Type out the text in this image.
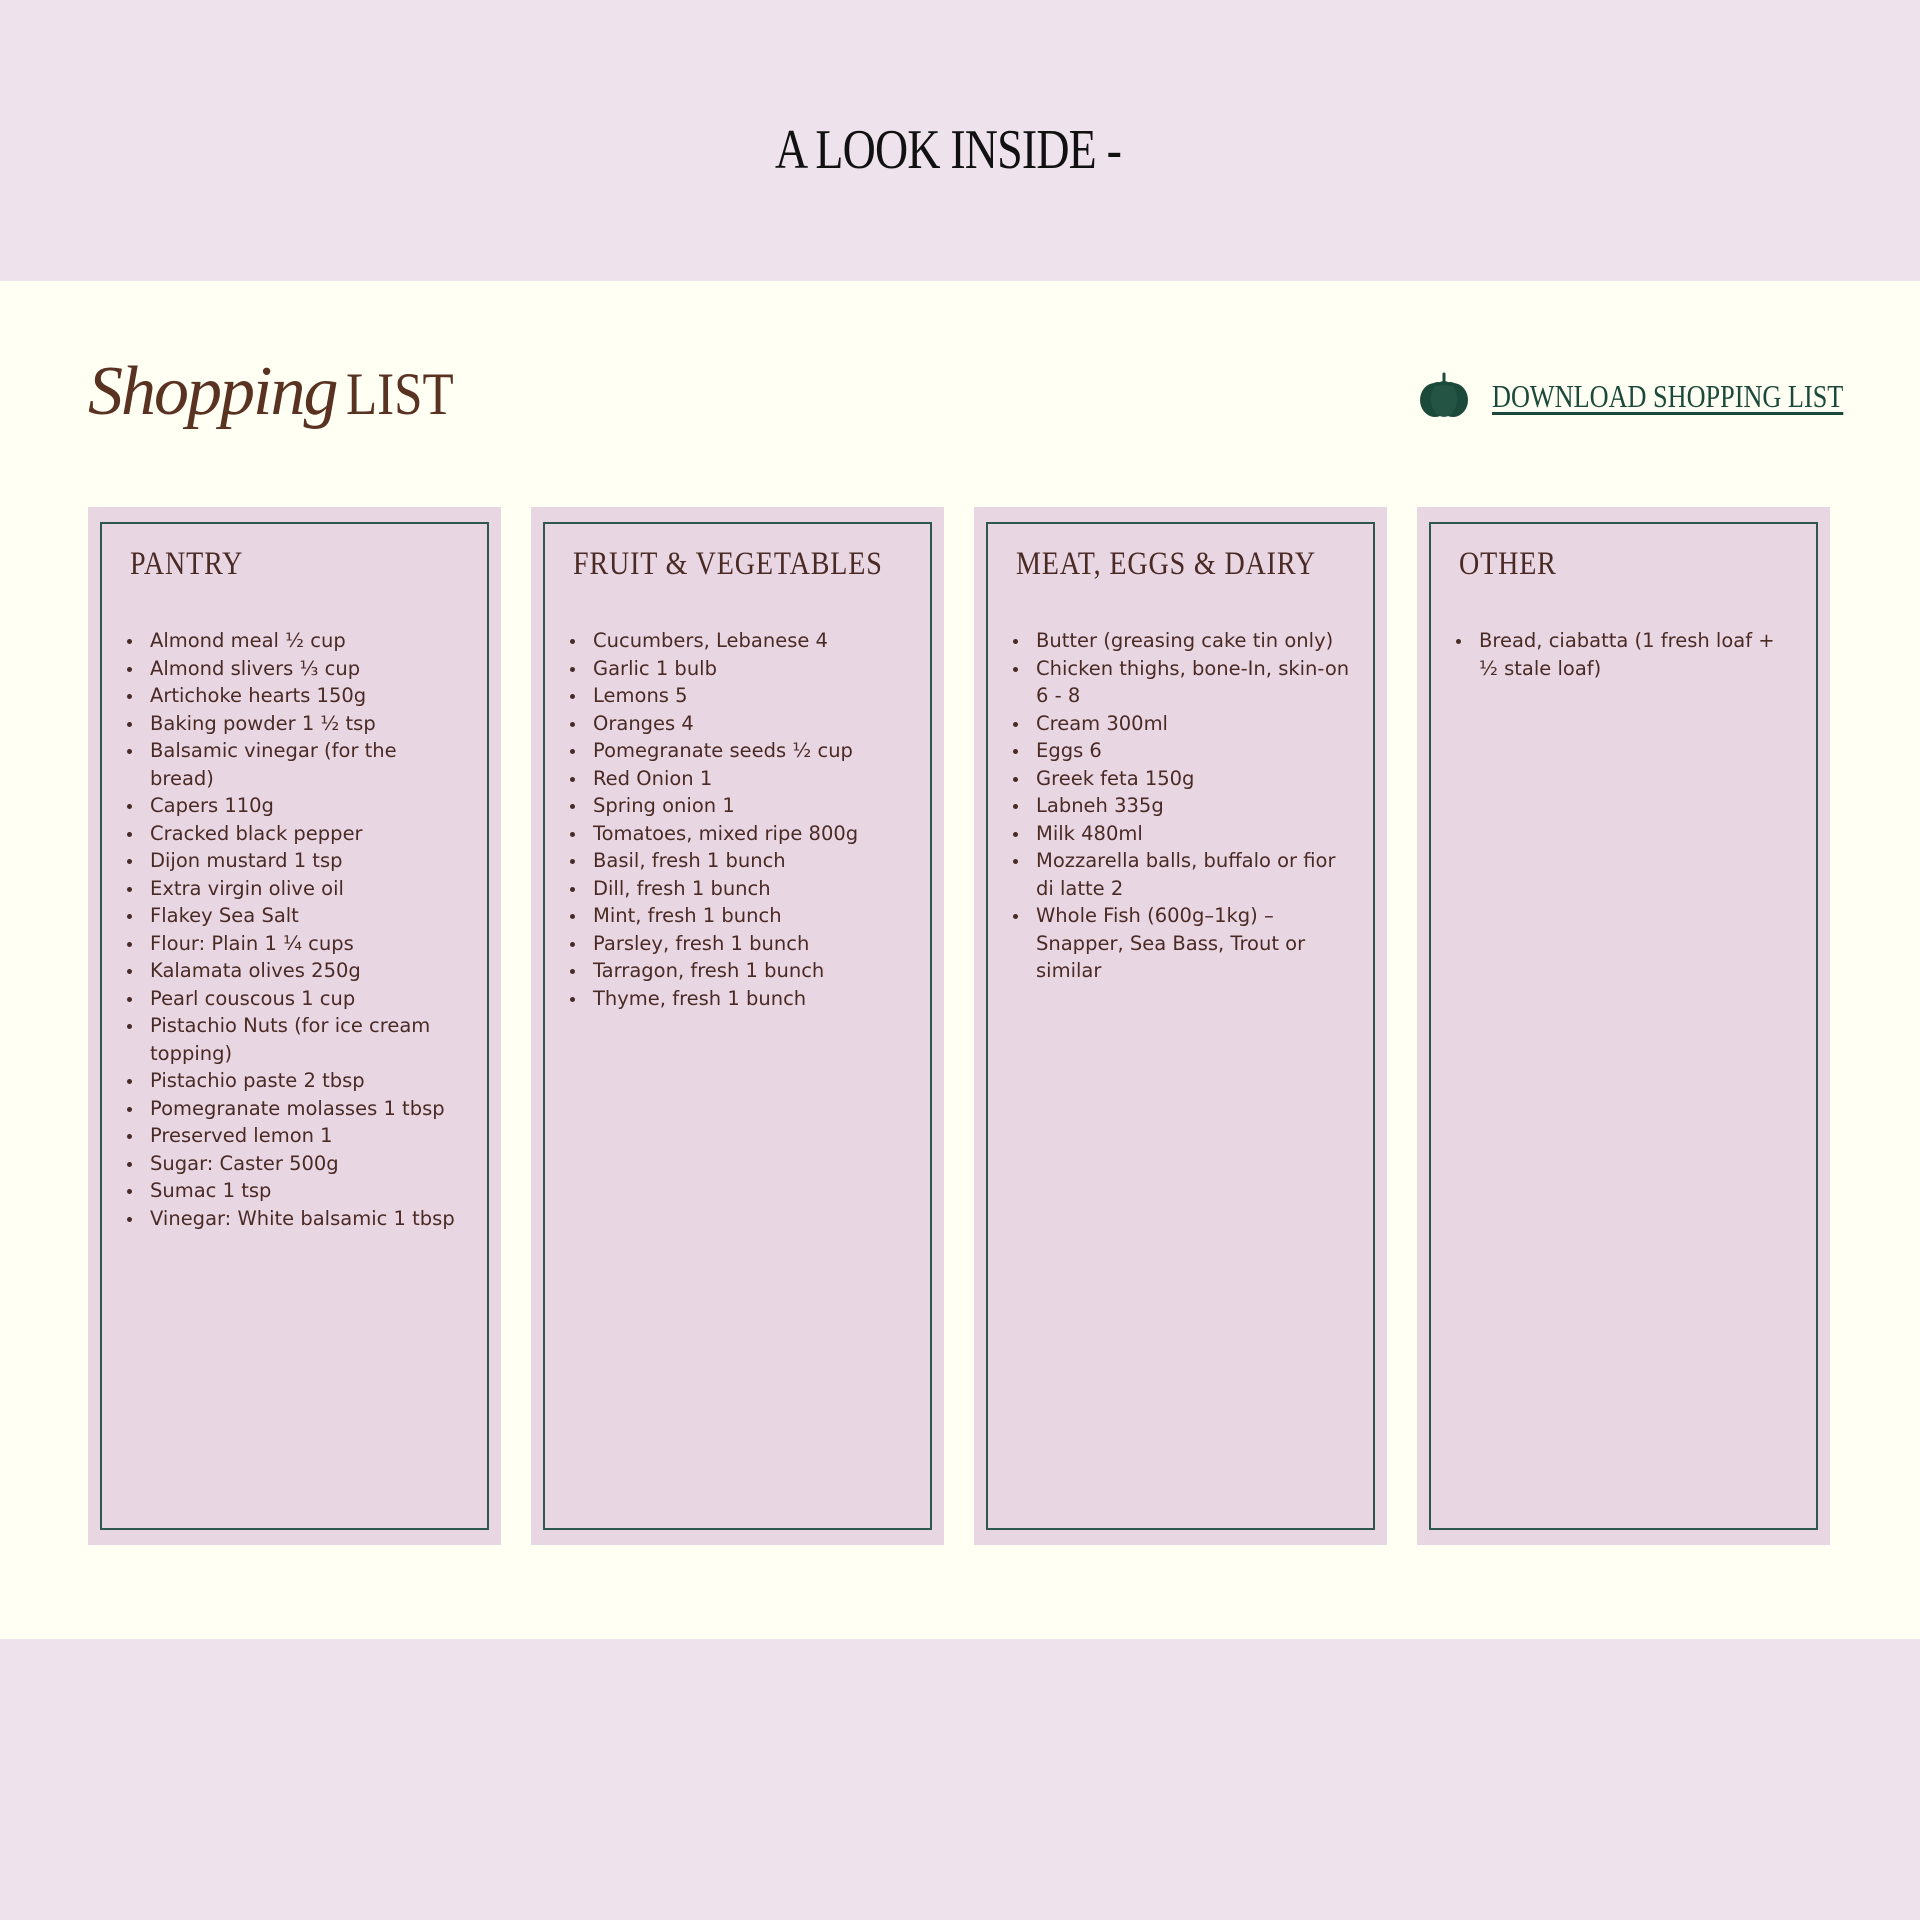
A LOOK INSIDE -
Shopping LIST	DOWNLOAD SHOPPING LIST
PANTRY
Almond meal ½ cup
Almond slivers ⅓ cup
Artichoke hearts 150g
Baking powder 1 ½ tsp
Balsamic vinegar (for the bread)
Capers 110g
Cracked black pepper
Dijon mustard 1 tsp
Extra virgin olive oil
Flakey Sea Salt
Flour: Plain 1 ¼ cups
Kalamata olives 250g
Pearl couscous 1 cup
Pistachio Nuts (for ice cream topping)
Pistachio paste 2 tbsp
Pomegranate molasses 1 tbsp
Preserved lemon 1
Sugar: Caster 500g
Sumac 1 tsp
Vinegar: White balsamic 1 tbsp
FRUIT & VEGETABLES
Cucumbers, Lebanese 4
Garlic 1 bulb
Lemons 5
Oranges 4
Pomegranate seeds ½ cup
Red Onion 1
Spring onion 1
Tomatoes, mixed ripe 800g
Basil, fresh 1 bunch
Dill, fresh 1 bunch
Mint, fresh 1 bunch
Parsley, fresh 1 bunch
Tarragon, fresh 1 bunch
Thyme, fresh 1 bunch
MEAT, EGGS & DAIRY
Butter (greasing cake tin only)
Chicken thighs, bone-In, skin-on 6 - 8
Cream 300ml
Eggs 6
Greek feta 150g
Labneh 335g
Milk 480ml
Mozzarella balls, buffalo or fior di latte 2
Whole Fish (600g–1kg) – Snapper, Sea Bass, Trout or similar
OTHER
Bread, ciabatta (1 fresh loaf + ½ stale loaf)
